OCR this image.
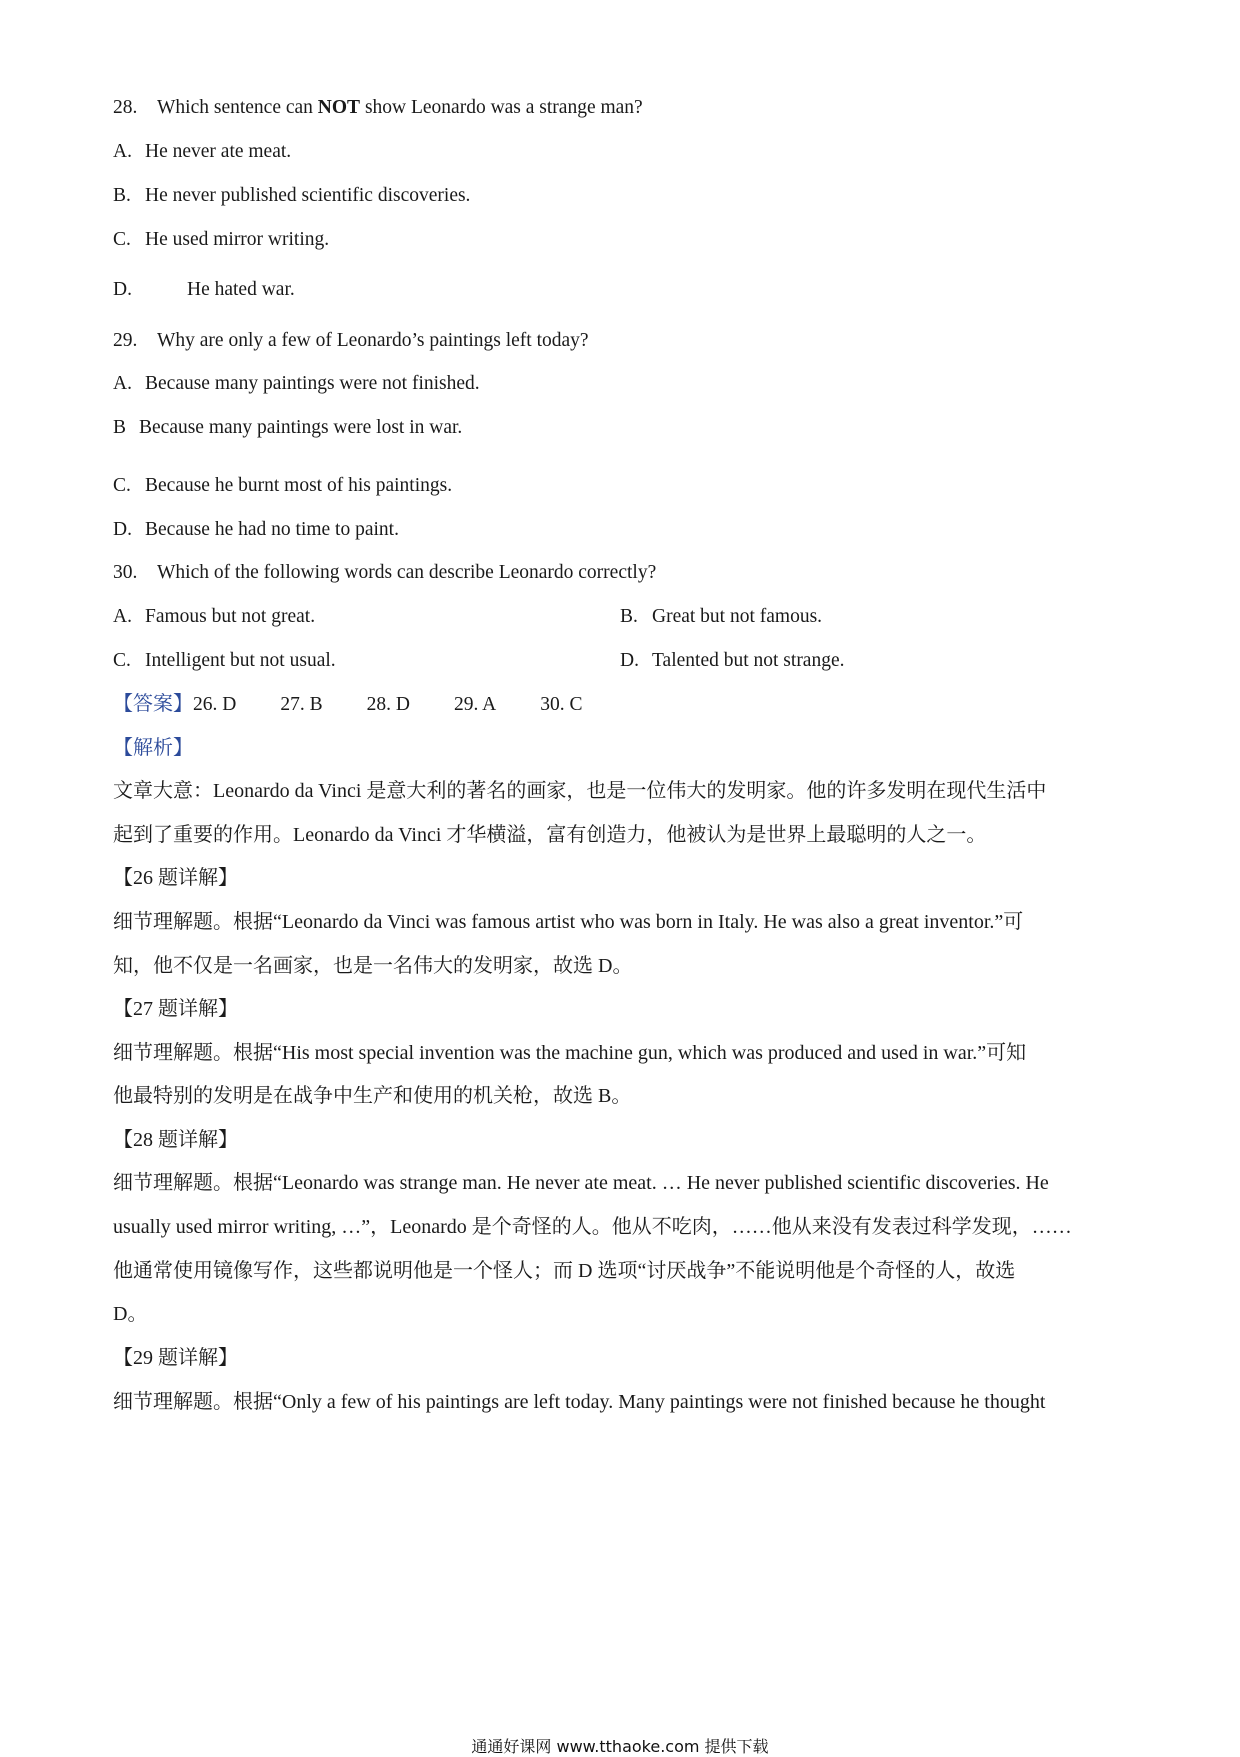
28. Which sentence can NOT show Leonardo was a strange man?
A. He never ate meat.
B. He never published scientific discoveries.
C. He used mirror writing.
D.	He hated war.
29. Why are only a few of Leonardo’s paintings left today?
A. Because many paintings were not finished.
B Because many paintings were lost in war.
C. Because he burnt most of his paintings.
D. Because he had no time to paint.
30. Which of the following words can describe Leonardo correctly?
A. Famous but not great.	B. Great but not famous.
C. Intelligent but not usual.	D. Talented but not strange.
【答案】26. D 27. B 28. D 29. A 30. C
【解析】
文章大意：Leonardo da Vinci 是意大利的著名的画家，也是一位伟大的发明家。他的许多发明在现代生活中
起到了重要的作用。Leonardo da Vinci 才华横溢，富有创造力，他被认为是世界上最聪明的人之一。
【26 题详解】
细节理解题。根据“Leonardo da Vinci was famous artist who was born in Italy. He was also a great inventor.”可
知，他不仅是一名画家，也是一名伟大的发明家，故选 D。
【27 题详解】
细节理解题。根据“His most special invention was the machine gun, which was produced and used in war.”可知
他最特别的发明是在战争中生产和使用的机关枪，故选 B。
【28 题详解】
细节理解题。根据“Leonardo was strange man. He never ate meat. … He never published scientific discoveries. He
usually used mirror writing, …”，Leonardo 是个奇怪的人。他从不吃肉，……他从来没有发表过科学发现，……
他通常使用镜像写作，这些都说明他是一个怪人；而 D 选项“讨厌战争”不能说明他是个奇怪的人，故选
D。
【29 题详解】
细节理解题。根据“Only a few of his paintings are left today. Many paintings were not finished because he thought
通通好课网 www.tthaoke.com 提供下载
